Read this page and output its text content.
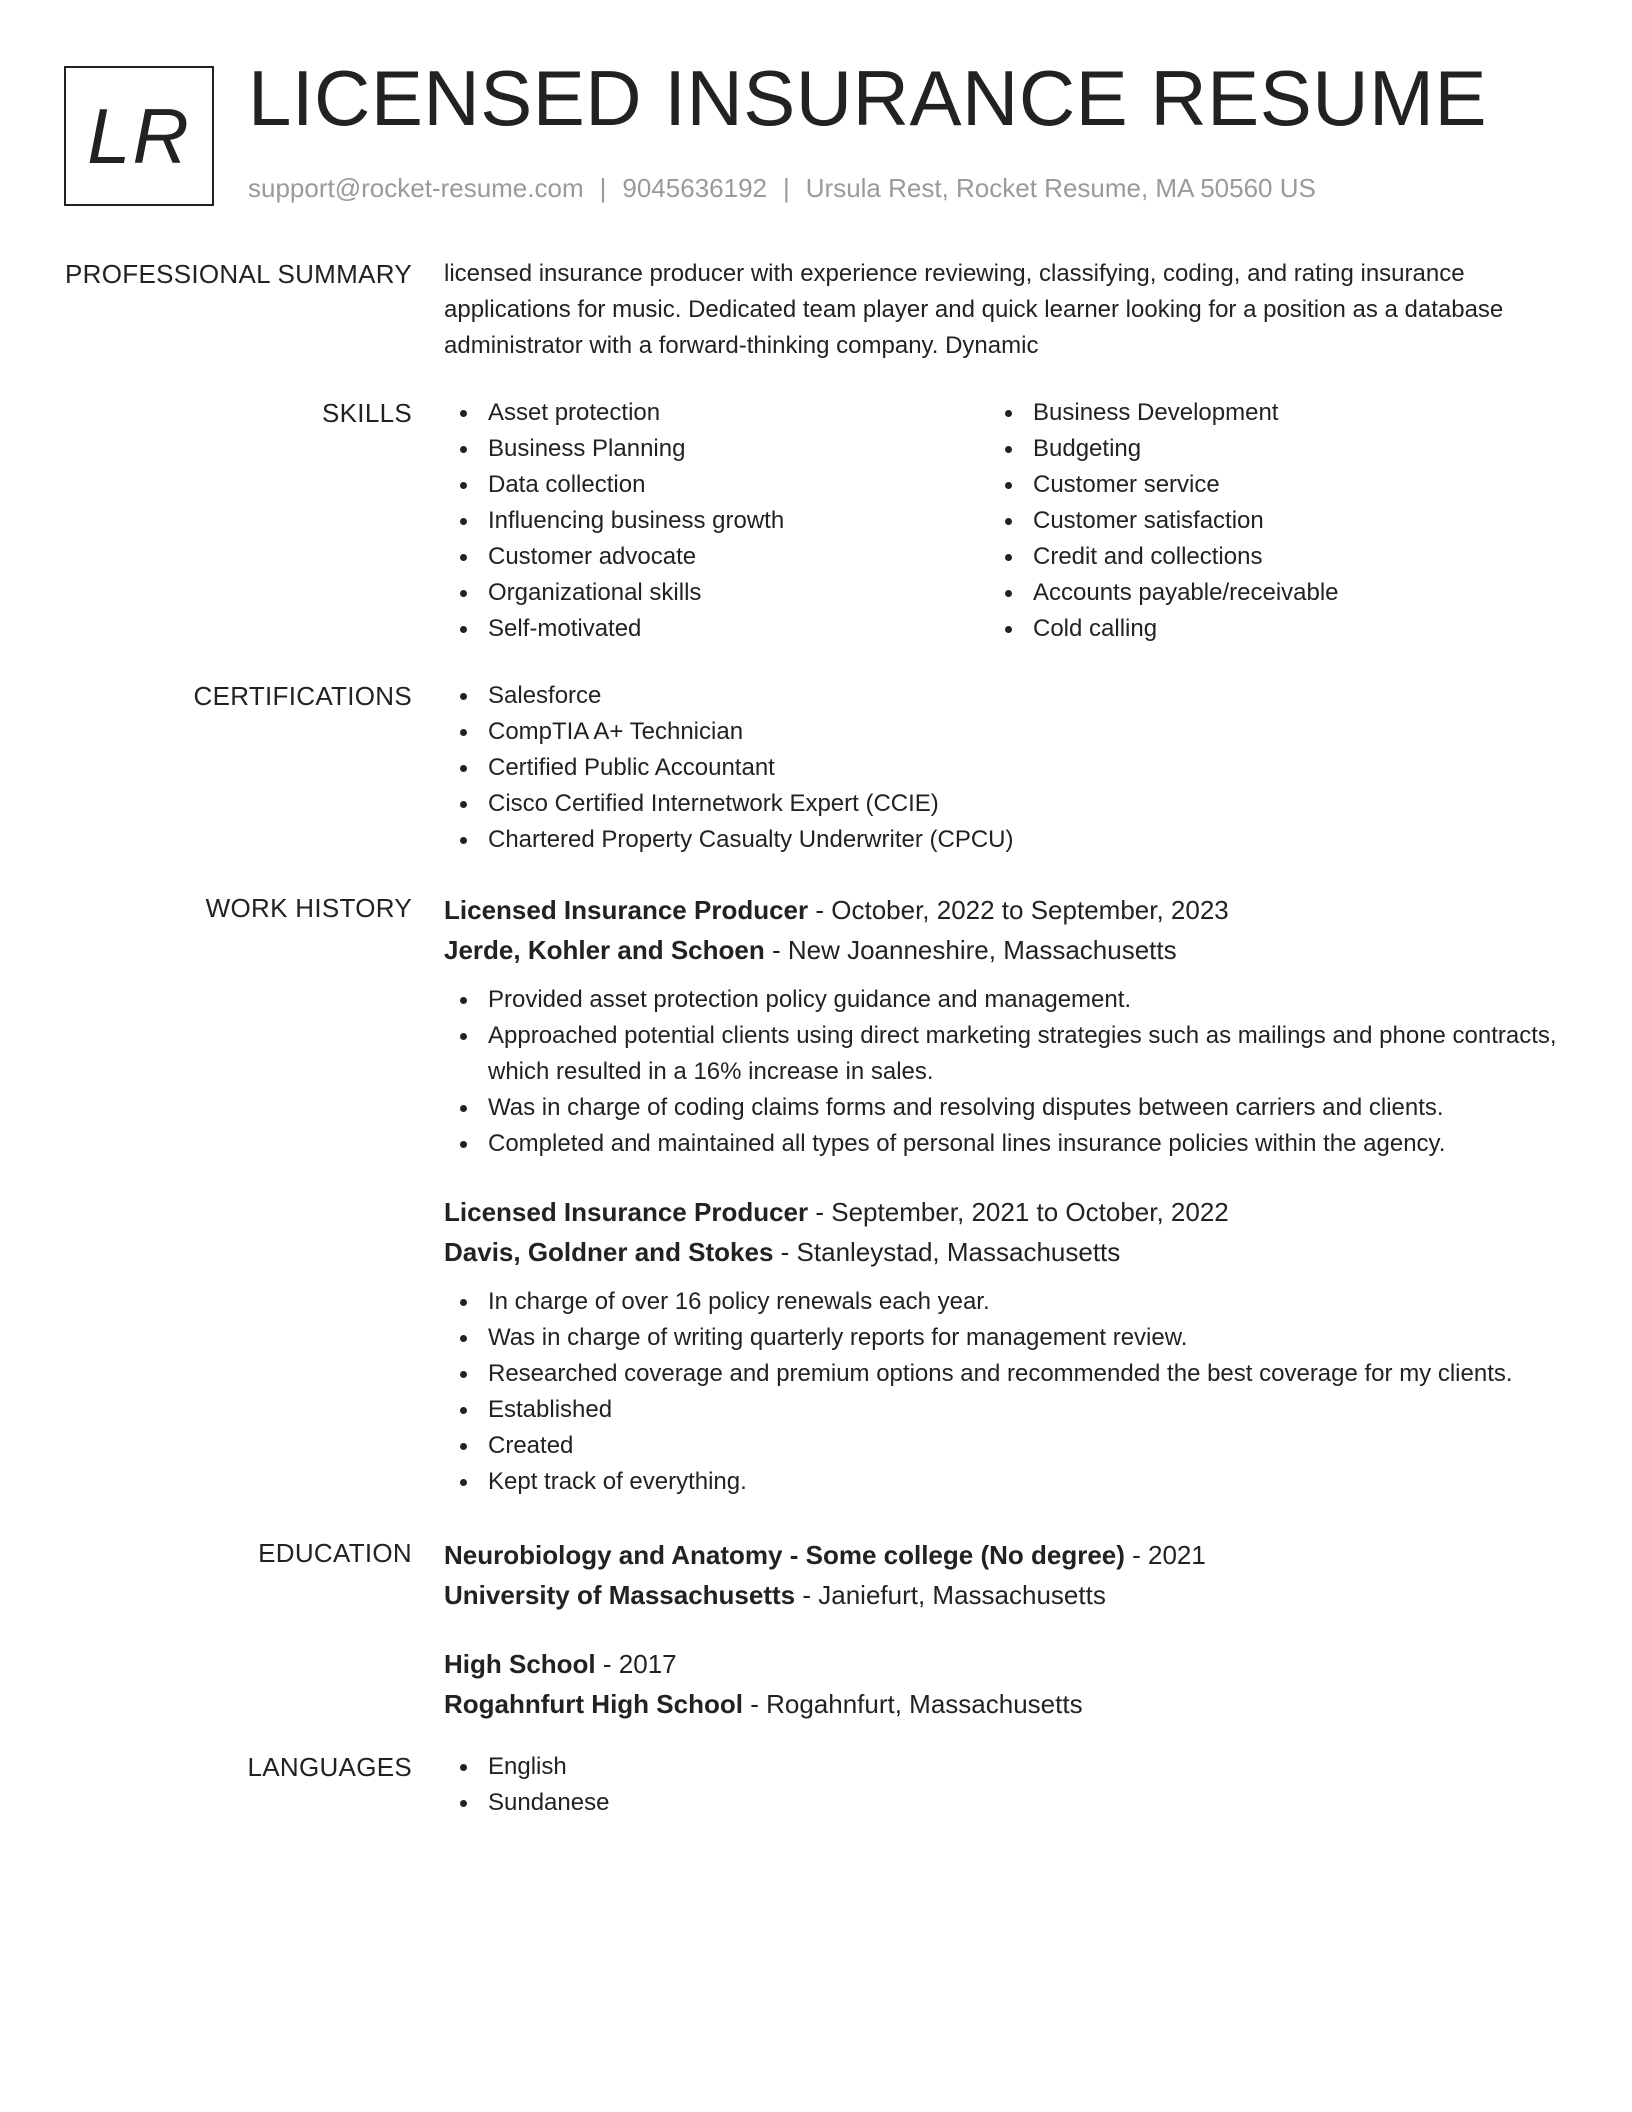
LR LICENSED INSURANCE RESUME
support@rocket-resume.com | 9045636192 | Ursula Rest, Rocket Resume, MA 50560 US
PROFESSIONAL SUMMARY licensed insurance producer with experience reviewing, classifying, coding, and rating insurance applications for music. Dedicated team player and quick learner looking for a position as a database administrator with a forward-thinking company. Dynamic

SKILLS	Asset protection
Business Planning
Data collection
Influencing business growth
Customer advocate
Organizational skills
Self-motivated
Business Development
Budgeting
Customer service
Customer satisfaction
Credit and collections
Accounts payable/receivable
Cold calling
CERTIFICATIONS	Salesforce
CompTIA A+ Technician
Certified Public Accountant
Cisco Certified Internetwork Expert (CCIE)
Chartered Property Casualty Underwriter (CPCU)
WORK HISTORY Licensed Insurance Producer - October, 2022 to September, 2023
Jerde, Kohler and Schoen - New Joanneshire, Massachusetts
Provided asset protection policy guidance and management.
Approached potential clients using direct marketing strategies such as mailings and phone contracts, which resulted in a 16% increase in sales.
Was in charge of coding claims forms and resolving disputes between carriers and clients.
Completed and maintained all types of personal lines insurance policies within the agency.
Licensed Insurance Producer - September, 2021 to October, 2022
Davis, Goldner and Stokes - Stanleystad, Massachusetts
In charge of over 16 policy renewals each year.
Was in charge of writing quarterly reports for management review.
Researched coverage and premium options and recommended the best coverage for my clients.
Established
Created
Kept track of everything.
EDUCATION Neurobiology and Anatomy - Some college (No degree) - 2021
University of Massachusetts - Janiefurt, Massachusetts
High School - 2017
Rogahnfurt High School - Rogahnfurt, Massachusetts
LANGUAGES	English
Sundanese
